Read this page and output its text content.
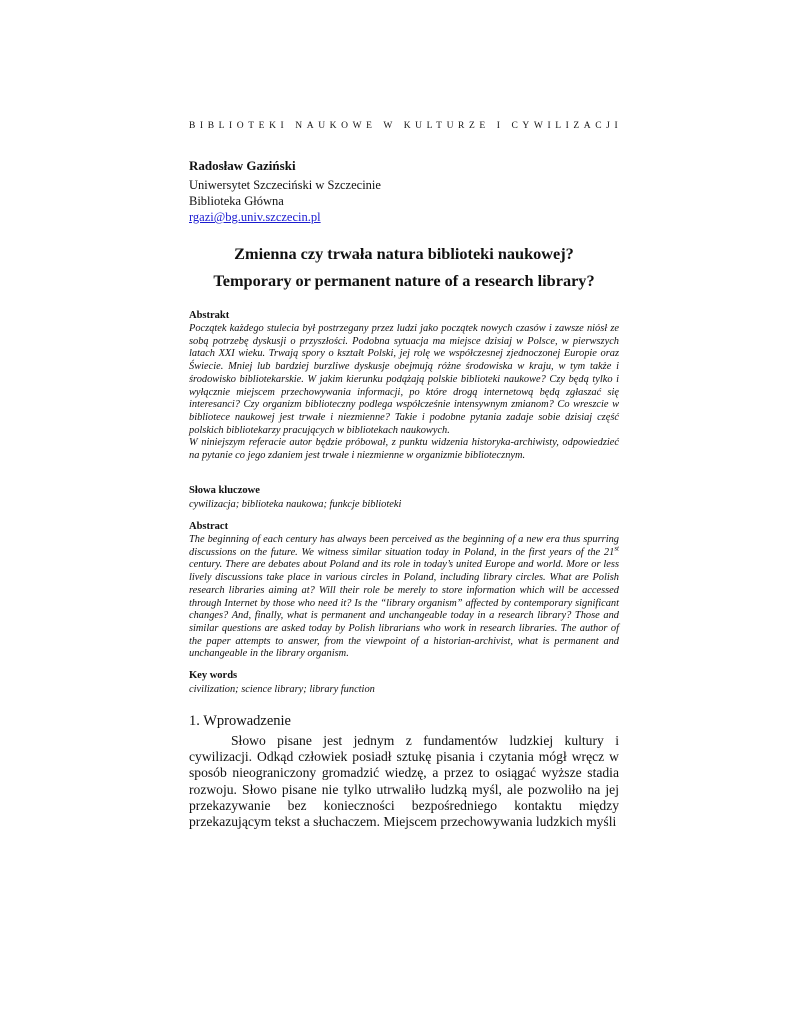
BIBLIOTEKI NAUKOWE W KULTURZE I CYWILIZACJI
Radosław Gaziński
Uniwersytet Szczeciński w Szczecinie
Biblioteka Główna
rgazi@bg.univ.szczecin.pl
Zmienna czy trwała natura biblioteki naukowej?
Temporary or permanent nature of a research library?
Abstrakt

Początek każdego stulecia był postrzegany przez ludzi jako początek nowych czasów i zawsze niósł ze sobą potrzebę dyskusji o przyszłości. Podobna sytuacja ma miejsce dzisiaj w Polsce, w pierwszych latach XXI wieku. Trwają spory o kształt Polski, jej rolę we współczesnej zjednoczonej Europie oraz Świecie. Mniej lub bardziej burzliwe dyskusje obejmują różne środowiska w kraju, w tym także i środowisko bibliotekarskie. W jakim kierunku podążają polskie biblioteki naukowe? Czy będą tylko i wyłącznie miejscem przechowywania informacji, po które drogą internetową będą zgłaszać się interesanci? Czy organizm biblioteczny podlega współcześnie intensywnym zmianom? Co wreszcie w bibliotece naukowej jest trwałe i niezmienne? Takie i podobne pytania zadaje sobie dzisiaj część polskich bibliotekarzy pracujących w bibliotekach naukowych.

W niniejszym referacie autor będzie próbował, z punktu widzenia historyka-archiwisty, odpowiedzieć na pytanie co jego zdaniem jest trwałe i niezmienne w organizmie bibliotecznym.

Słowa kluczowe
cywilizacja; biblioteka naukowa; funkcje biblioteki
Abstract
The beginning of each century has always been perceived as the beginning of a new era thus spurring discussions on the future. We witness similar situation today in Poland, in the first years of the 21st century. There are debates about Poland and its role in today’s united Europe and world. More or less lively discussions take place in various circles in Poland, including library circles. What are Polish research libraries aiming at? Will their role be merely to store information which will be accessed through Internet by those who need it? Is the “library organism” affected by contemporary significant changes? And, finally, what is permanent and unchangeable today in a research library? Those and similar questions are asked today by Polish librarians who work in research libraries. The author of the paper attempts to answer, from the viewpoint of a historian-archivist, what is permanent and unchangeable in the library organism.
Key words
civilization; science library; library function
1. Wprowadzenie
Słowo pisane jest jednym z fundamentów ludzkiej kultury i cywilizacji. Odkąd człowiek posiadł sztukę pisania i czytania mógł wręcz w sposób nieograniczony gromadzić wiedzę, a przez to osiągać wyższe stadia rozwoju. Słowo pisane nie tylko utrwaliło ludzką myśl, ale pozwoliło na jej przekazywanie bez konieczności bezpośredniego kontaktu między przekazującym tekst a słuchaczem. Miejscem przechowywania ludzkich myśli
